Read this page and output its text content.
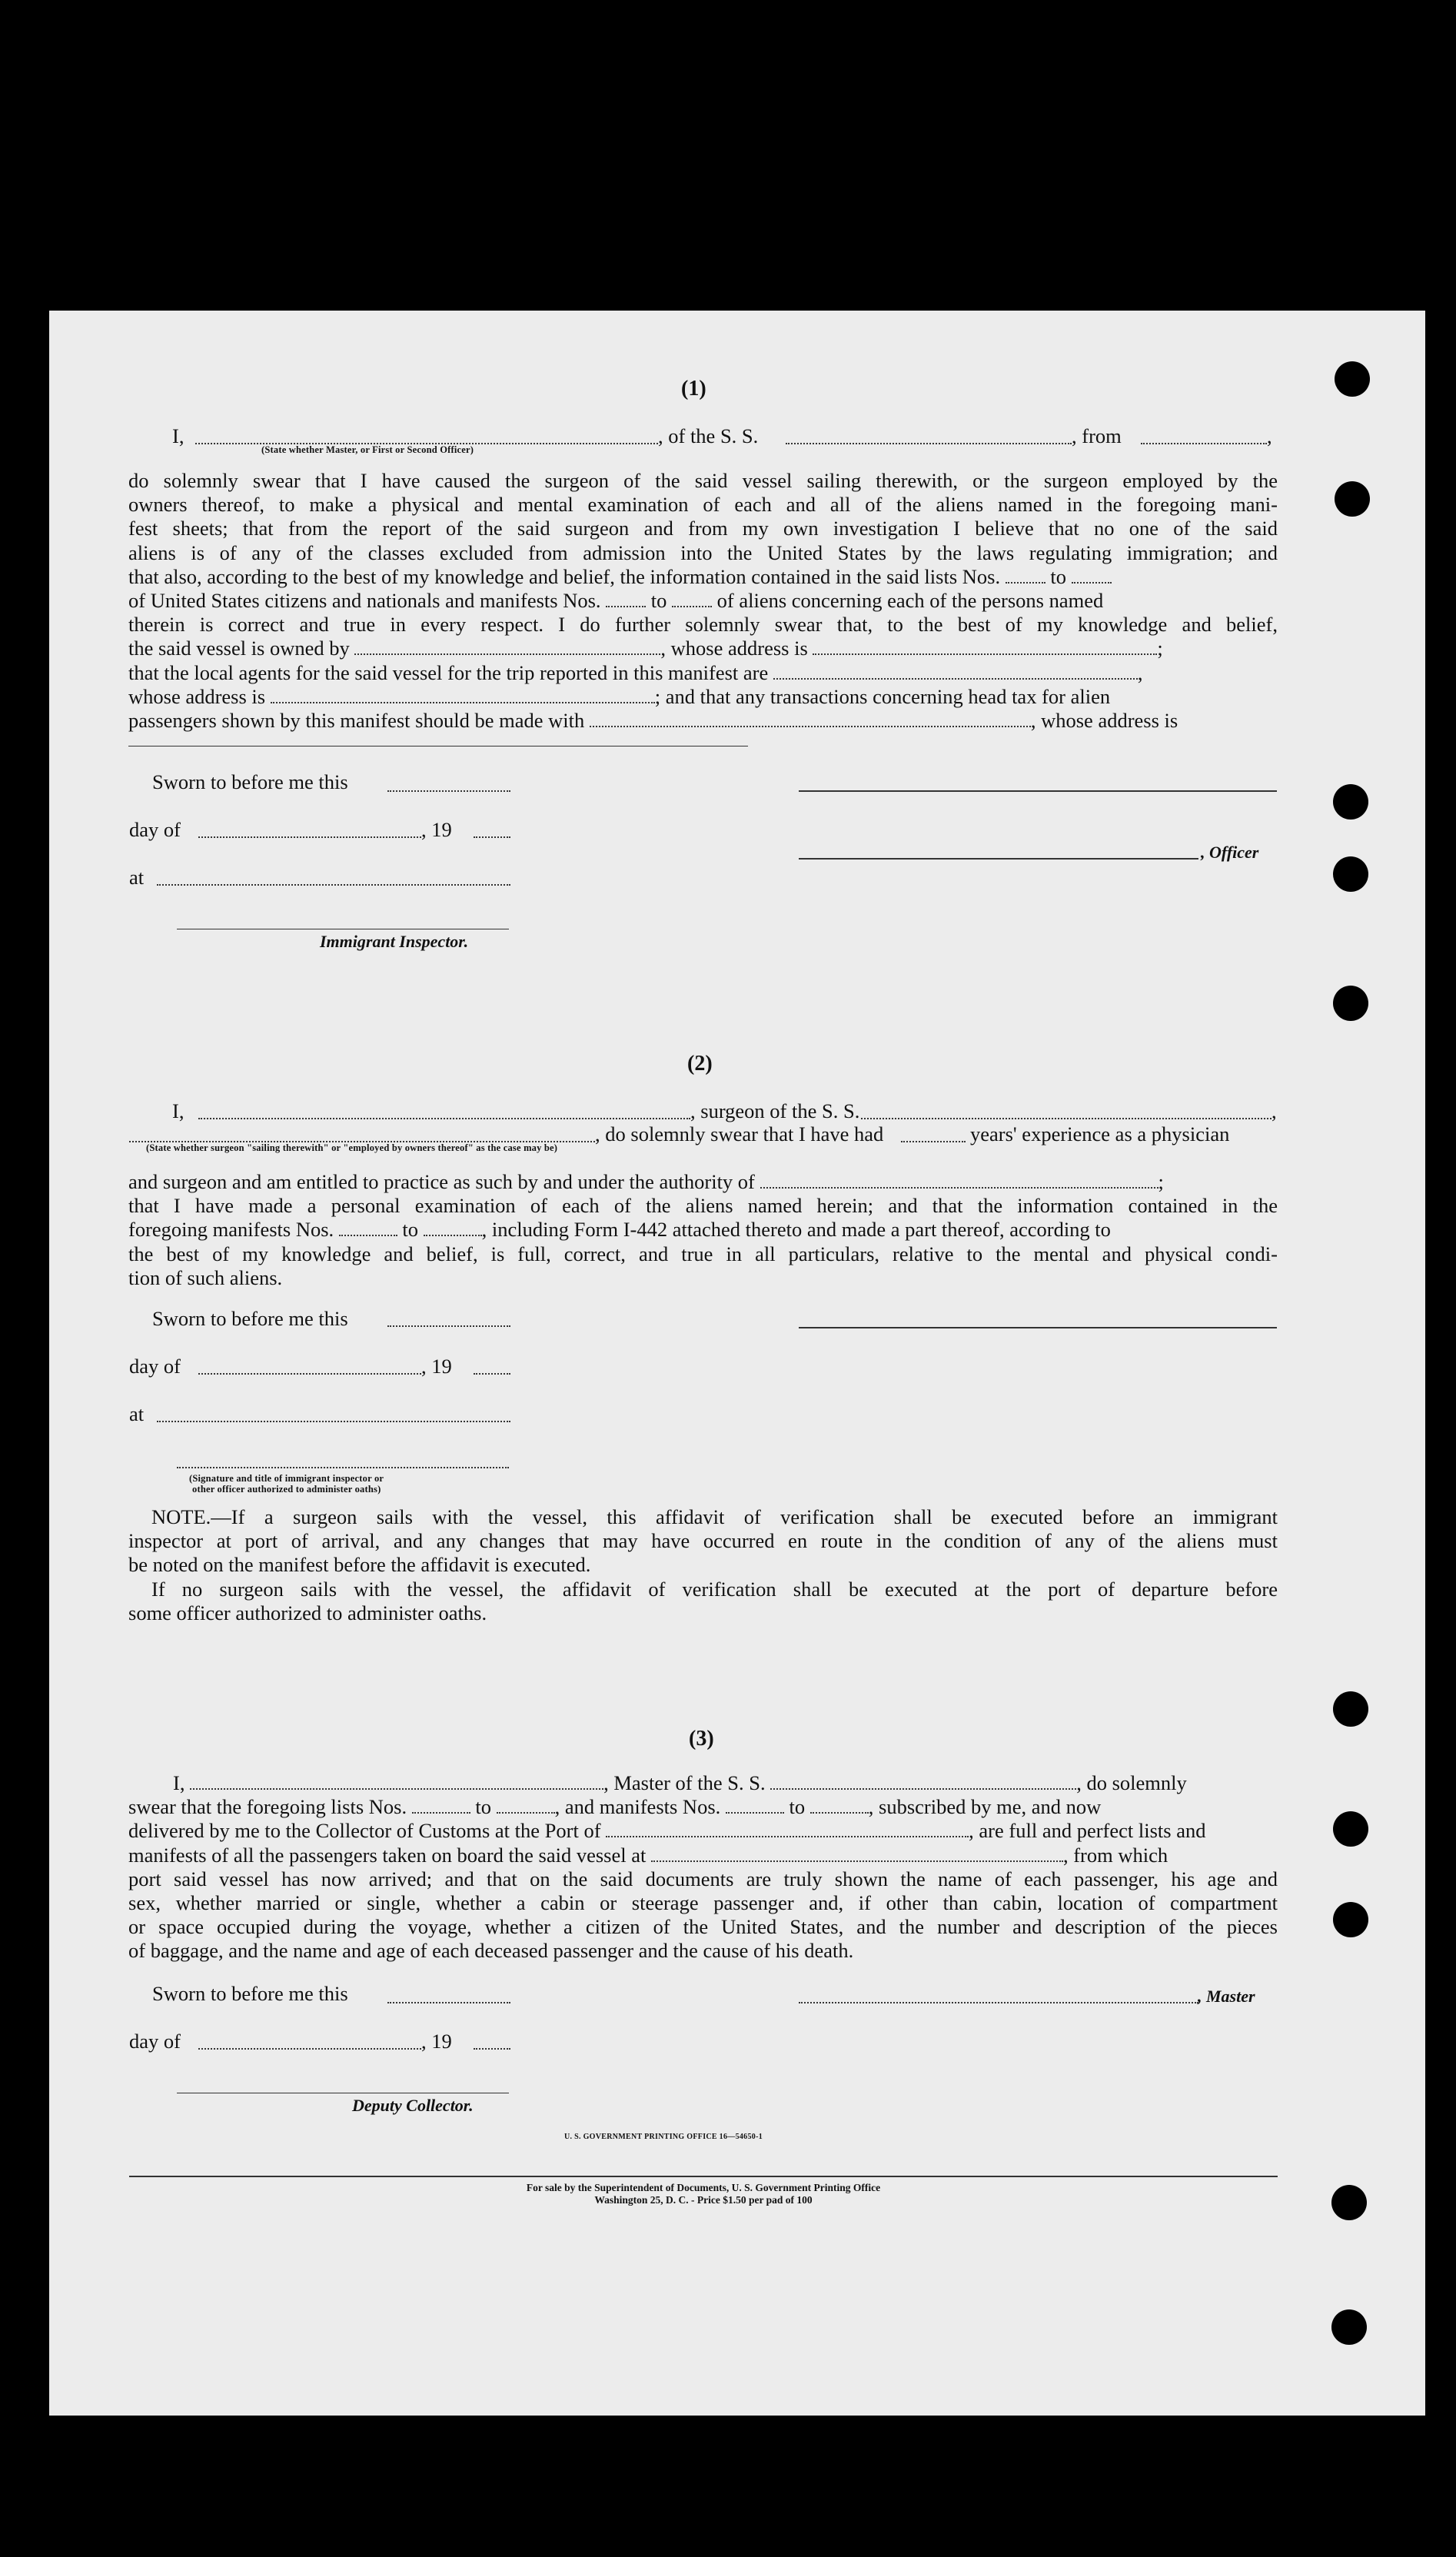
(1)
I,	, of the S. S.	, from	,
(State whether Master, or First or Second Officer)
do solemnly swear that I have caused the surgeon of the said vessel sailing therewith, or the surgeon employed by the
owners thereof, to make a physical and mental examination of each and all of the aliens named in the foregoing mani-
fest sheets; that from the report of the said surgeon and from my own investigation I believe that no one of the said
aliens is of any of the classes excluded from admission into the United States by the laws regulating immigration; and
that also, according to the best of my knowledge and belief, the information contained in the said lists Nos. to
of United States citizens and nationals and manifests Nos. to of aliens concerning each of the persons named
therein is correct and true in every respect. I do further solemnly swear that, to the best of my knowledge and belief,
the said vessel is owned by	, whose address is	;
that the local agents for the said vessel for the trip reported in this manifest are	,
whose address is	; and that any transactions concerning head tax for alien
passengers shown by this manifest should be made with	, whose address is
Sworn to before me this
day of	, 19
, Officer
at
Immigrant Inspector.
(2)
I,	, surgeon of the S. S.	,
, do solemnly swear that I have had	years' experience as a physician
(State whether surgeon "sailing therewith" or "employed by owners thereof" as the case may be)
and surgeon and am entitled to practice as such by and under the authority of	;
that I have made a personal examination of each of the aliens named herein; and that the information contained in the
foregoing manifests Nos.	to	, including Form I-442 attached thereto and made a part thereof, according to
the best of my knowledge and belief, is full, correct, and true in all particulars, relative to the mental and physical condi-
tion of such aliens.
Sworn to before me this
day of	, 19
at
(Signature and title of immigrant inspector or
other officer authorized to administer oaths)
NOTE.—If a surgeon sails with the vessel, this affidavit of verification shall be executed before an immigrant
inspector at port of arrival, and any changes that may have occurred en route in the condition of any of the aliens must
be noted on the manifest before the affidavit is executed.
If no surgeon sails with the vessel, the affidavit of verification shall be executed at the port of departure before
some officer authorized to administer oaths.
(3)
I,	, Master of the S. S.	, do solemnly
swear that the foregoing lists Nos.	to	, and manifests Nos.	to	, subscribed by me, and now
delivered by me to the Collector of Customs at the Port of	, are full and perfect lists and
manifests of all the passengers taken on board the said vessel at	, from which
port said vessel has now arrived; and that on the said documents are truly shown the name of each passenger, his age and
sex, whether married or single, whether a cabin or steerage passenger and, if other than cabin, location of compartment
or space occupied during the voyage, whether a citizen of the United States, and the number and description of the pieces
of baggage, and the name and age of each deceased passenger and the cause of his death.
Sworn to before me this	, Master
day of	, 19
Deputy Collector.
U. S. GOVERNMENT PRINTING OFFICE 16—54650-1
For sale by the Superintendent of Documents, U. S. Government Printing Office
Washington 25, D. C. - Price $1.50 per pad of 100
